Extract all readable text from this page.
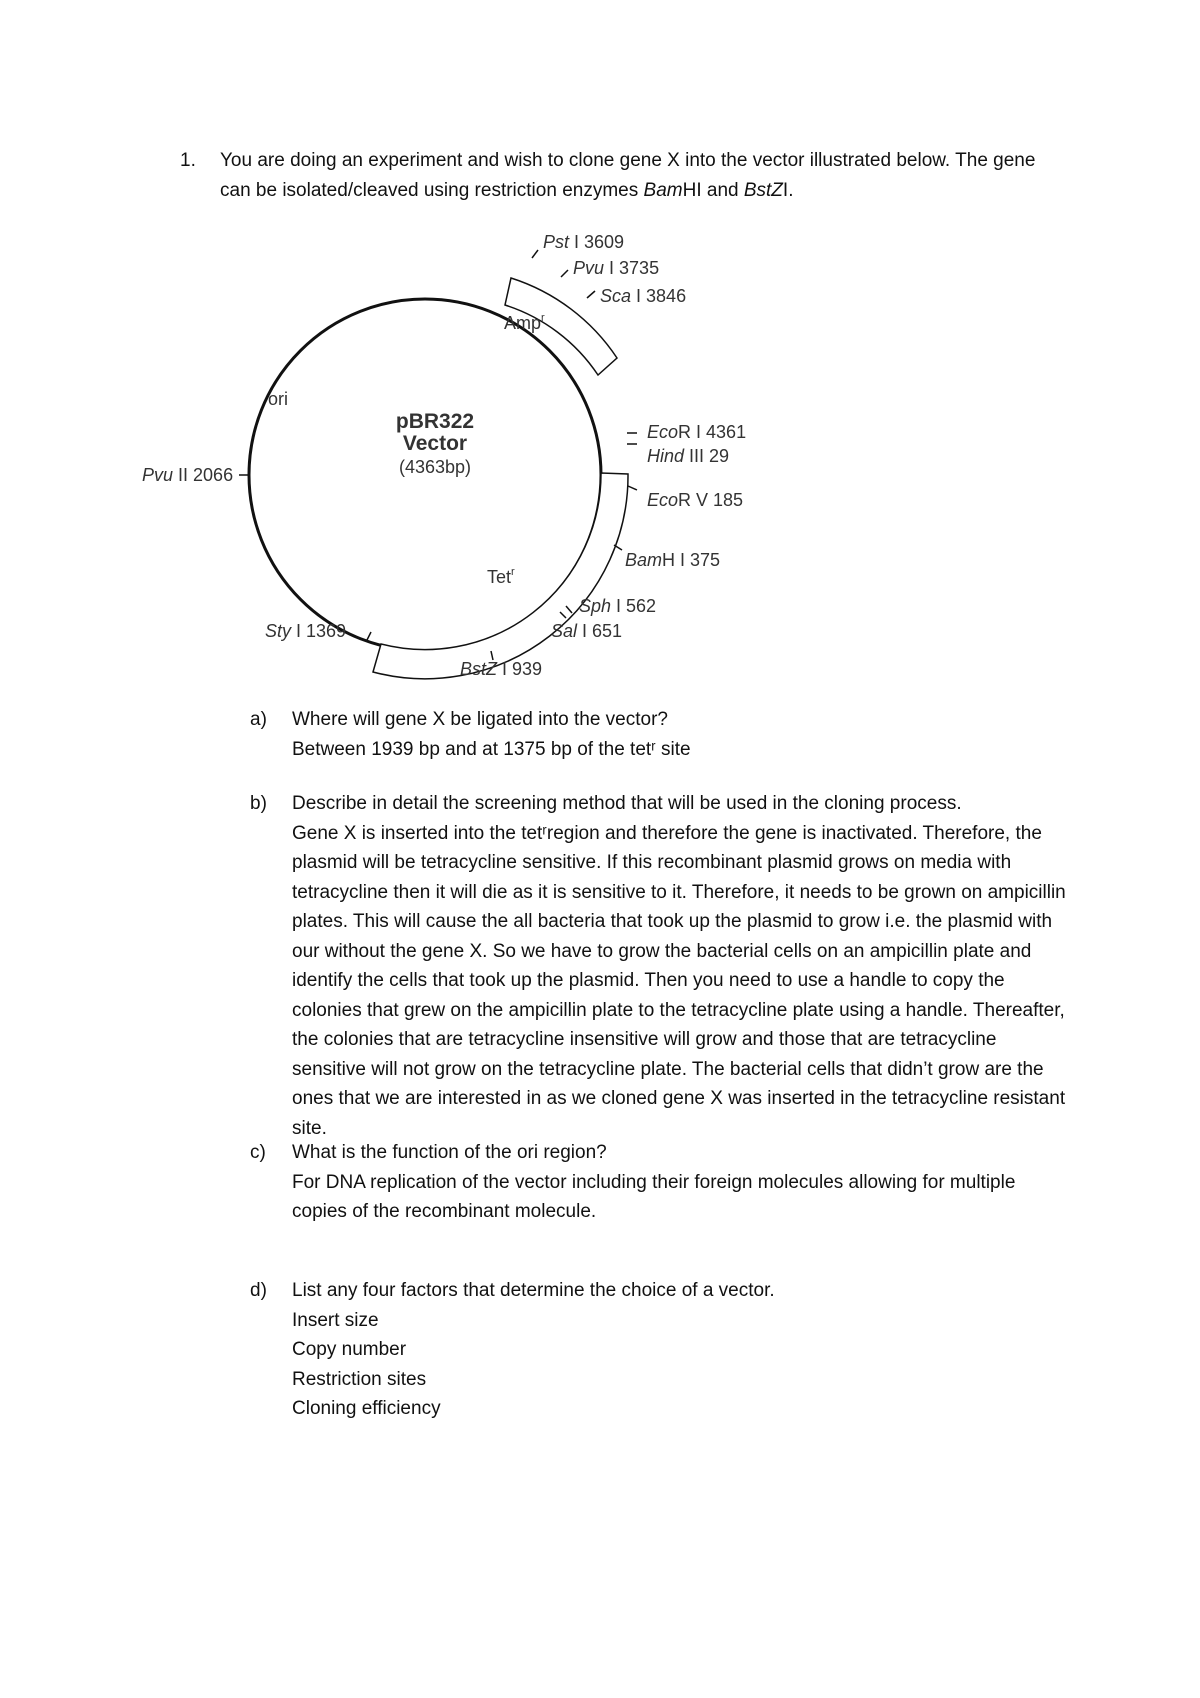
1. You are doing an experiment and wish to clone gene X into the vector illustrated below. The gene can be isolated/cleaved using restriction enzymes BamHI and BstZI.
Pst I 3609
Pvu I 3735
Sca I 3846
EcoR I 4361
Hind III 29
EcoR V 185
BamH I 375
Sph I 562
Sal I 651
BstZ I 939
Sty I 1369
Pvu II 2066
ori
Amp$^r$
Tet$^r$
pBR322
Vector
(4363bp)
a) Where will gene X be ligated into the vector?

Between 1939 bp and at 1375 bp of the tetʳ site

b) Describe in detail the screening method that will be used in the cloning process.

Gene X is inserted into the tetʳregion and therefore the gene is inactivated. Therefore, the plasmid will be tetracycline sensitive. If this recombinant plasmid grows on media with tetracycline then it will die as it is sensitive to it. Therefore, it needs to be grown on ampicillin plates. This will cause the all bacteria that took up the plasmid to grow i.e. the plasmid with our without the gene X. So we have to grow the bacterial cells on an ampicillin plate and identify the cells that took up the plasmid. Then you need to use a handle to copy the colonies that grew on the ampicillin plate to the tetracycline plate using a handle. Thereafter, the colonies that are tetracycline insensitive will grow and those that are tetracycline sensitive will not grow on the tetracycline plate. The bacterial cells that didn’t grow are the ones that we are interested in as we cloned gene X was inserted in the tetracycline resistant site.

c) What is the function of the ori region?

For DNA replication of the vector including their foreign molecules allowing for multiple copies of the recombinant molecule.

d) List any four factors that determine the choice of a vector.

Insert size

Copy number

Restriction sites

Cloning efficiency
